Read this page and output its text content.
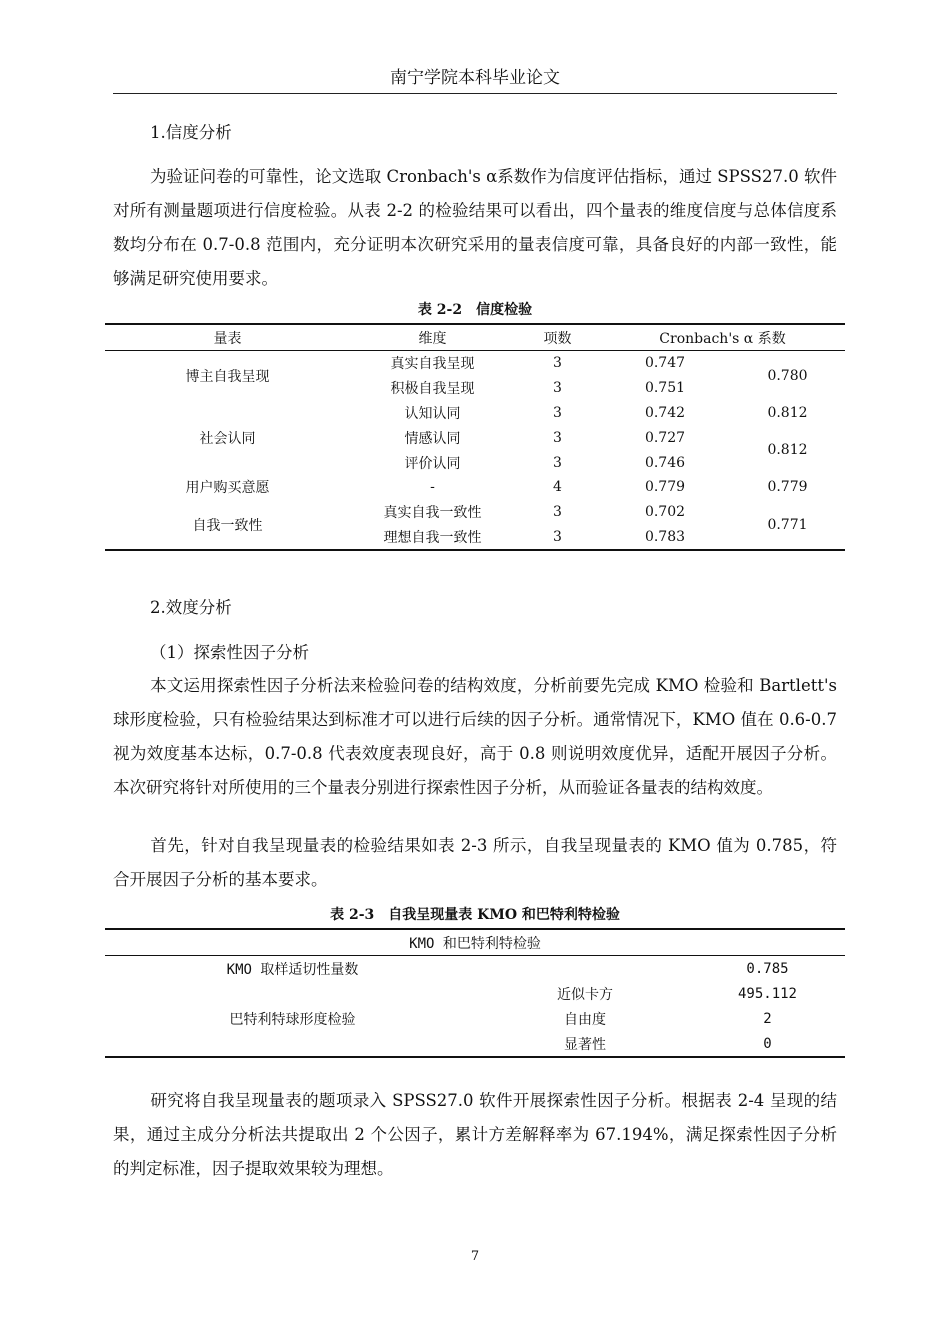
南宁学院本科毕业论文

1.信度分析

为验证问卷的可靠性，论文选取 Cronbach's α系数作为信度评估指标，通过 SPSS27.0 软件对所有测量题项进行信度检验。从表 2-2 的检验结果可以看出，四个量表的维度信度与总体信度系数均分布在 0.7-0.8 范围内，充分证明本次研究采用的量表信度可靠，具备良好的内部一致性，能够满足研究使用要求。

表 2-2　信度检验
量表	维度	项数	Cronbach's α 系数	
博主自我呈现	真实自我呈现	3	0.747	0.780
	积极自我呈现	3	0.751	
社会认同	认知认同	3	0.742	0.812
	情感认同	3	0.727	0.812
	评价认同	3	0.746	
用户购买意愿	-	4	0.779	0.779
自我一致性	真实自我一致性	3	0.702	0.771
	理想自我一致性	3	0.783	

2.效度分析

（1）探索性因子分析

本文运用探索性因子分析法来检验问卷的结构效度，分析前要先完成 KMO 检验和 Bartlett's 球形度检验，只有检验结果达到标准才可以进行后续的因子分析。通常情况下，KMO 值在 0.6-0.7 视为效度基本达标，0.7-0.8 代表效度表现良好，高于 0.8 则说明效度优异，适配开展因子分析。本次研究将针对所使用的三个量表分别进行探索性因子分析，从而验证各量表的结构效度。

首先，针对自我呈现量表的检验结果如表 2-3 所示，自我呈现量表的 KMO 值为 0.785，符合开展因子分析的基本要求。

表 2-3　自我呈现量表 KMO 和巴特利特检验
KMO 和巴特利特检验		
KMO 取样适切性量数		0.785
巴特利特球形度检验	近似卡方	495.112
	自由度	2
	显著性	0

研究将自我呈现量表的题项录入 SPSS27.0 软件开展探索性因子分析。根据表 2-4 呈现的结果，通过主成分分析法共提取出 2 个公因子，累计方差解释率为 67.194%，满足探索性因子分析的判定标准，因子提取效果较为理想。

7
